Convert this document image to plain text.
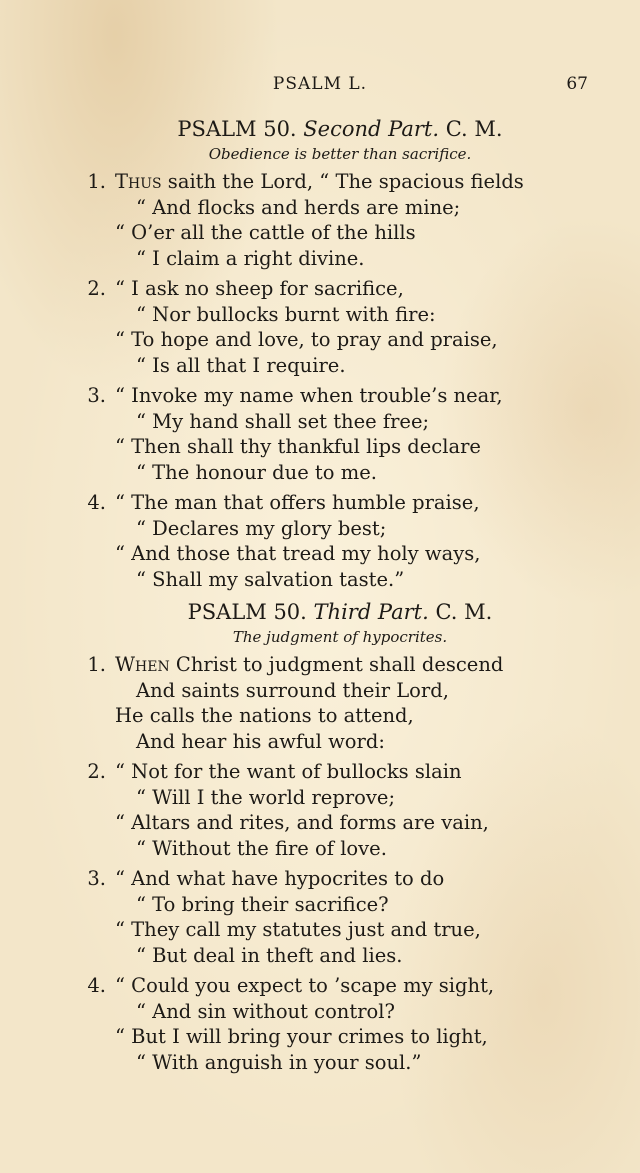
PSALM L.	67
PSALM 50. Second Part. C. M.
Obedience is better than sacrifice.
1. Thus saith the Lord, “ The spacious fields
“ And flocks and herds are mine;
“ O’er all the cattle of the hills
“ I claim a right divine.
2. “ I ask no sheep for sacrifice,
“ Nor bullocks burnt with fire:
“ To hope and love, to pray and praise,
“ Is all that I require.
3. “ Invoke my name when trouble’s near,
“ My hand shall set thee free;
“ Then shall thy thankful lips declare
“ The honour due to me.
4. “ The man that offers humble praise,
“ Declares my glory best;
“ And those that tread my holy ways,
“ Shall my salvation taste.”
PSALM 50. Third Part. C. M.
The judgment of hypocrites.
1. When Christ to judgment shall descend
And saints surround their Lord,
He calls the nations to attend,
And hear his awful word:
2. “ Not for the want of bullocks slain
“ Will I the world reprove;
“ Altars and rites, and forms are vain,
“ Without the fire of love.
3. “ And what have hypocrites to do
“ To bring their sacrifice?
“ They call my statutes just and true,
“ But deal in theft and lies.
4. “ Could you expect to ’scape my sight,
“ And sin without control?
“ But I will bring your crimes to light,
“ With anguish in your soul.”
